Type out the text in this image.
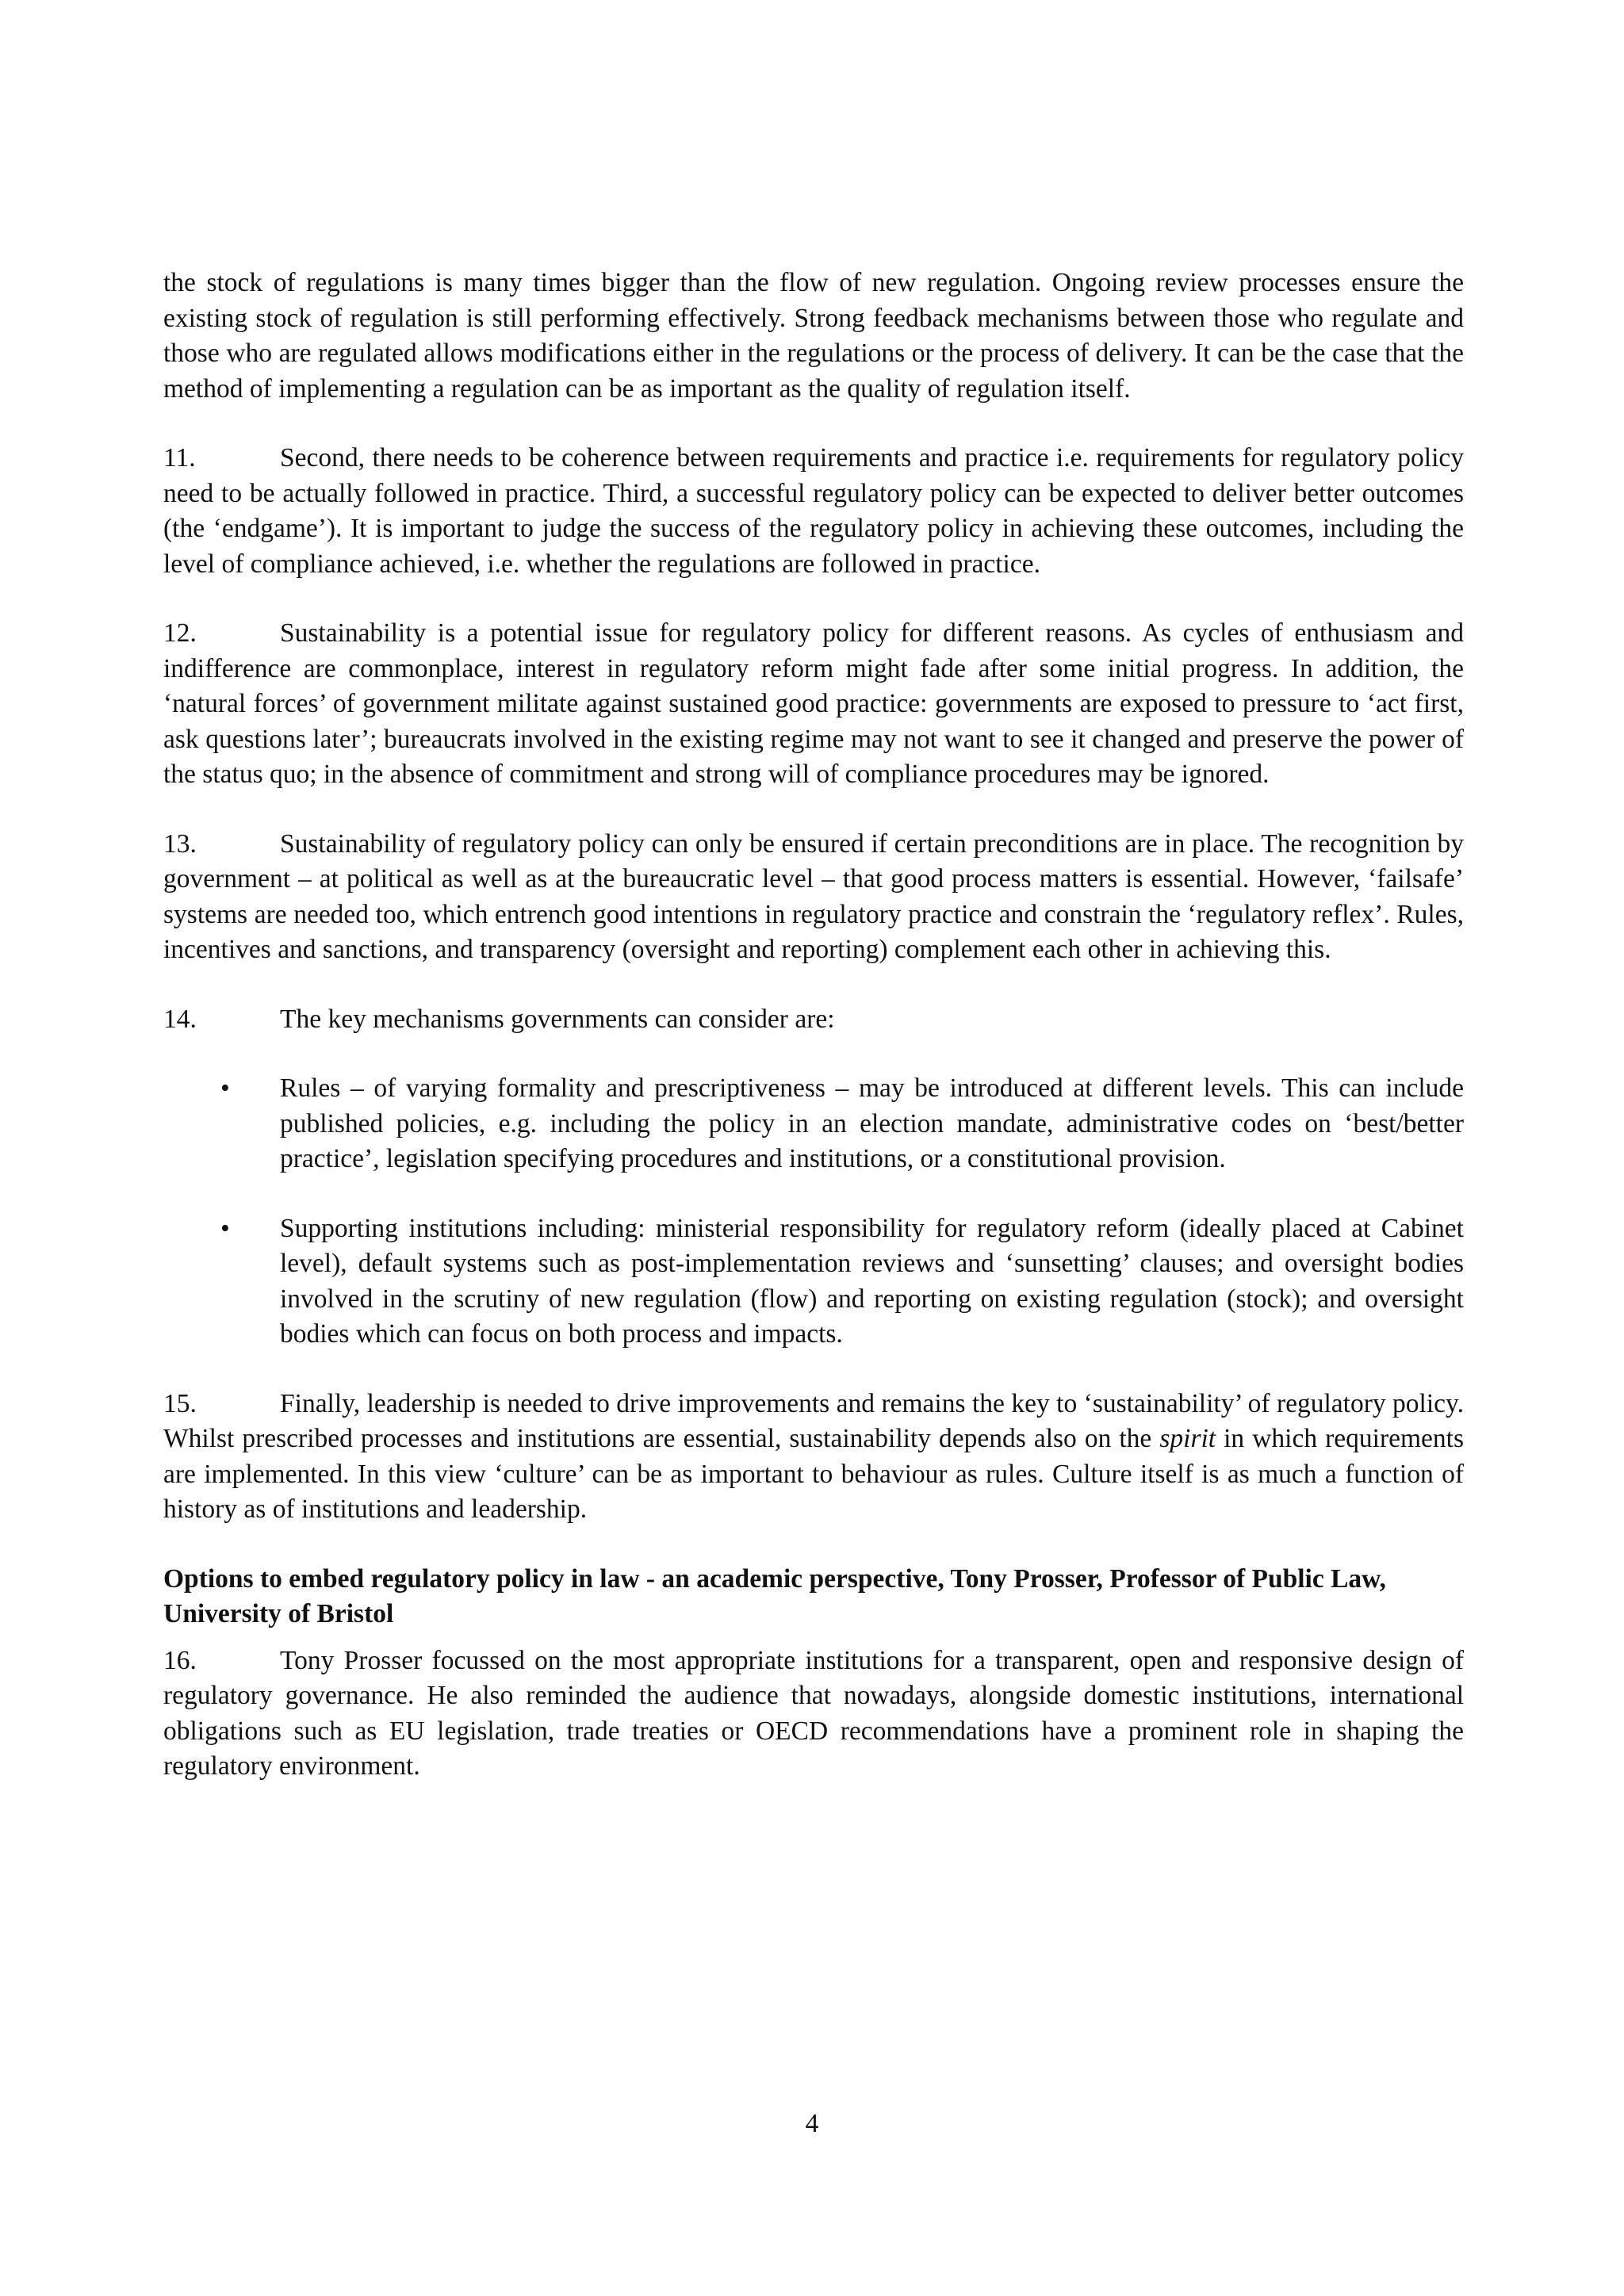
the stock of regulations is many times bigger than the flow of new regulation. Ongoing review processes ensure the existing stock of regulation is still performing effectively. Strong feedback mechanisms between those who regulate and those who are regulated allows modifications either in the regulations or the process of delivery. It can be the case that the method of implementing a regulation can be as important as the quality of regulation itself.

11.	Second, there needs to be coherence between requirements and practice i.e. requirements for regulatory policy need to be actually followed in practice. Third, a successful regulatory policy can be expected to deliver better outcomes (the ‘endgame’). It is important to judge the success of the regulatory policy in achieving these outcomes, including the level of compliance achieved, i.e. whether the regulations are followed in practice.

12.	Sustainability is a potential issue for regulatory policy for different reasons. As cycles of enthusiasm and indifference are commonplace, interest in regulatory reform might fade after some initial progress. In addition, the ‘natural forces’ of government militate against sustained good practice: governments are exposed to pressure to ‘act first, ask questions later’; bureaucrats involved in the existing regime may not want to see it changed and preserve the power of the status quo; in the absence of commitment and strong will of compliance procedures may be ignored.

13.	Sustainability of regulatory policy can only be ensured if certain preconditions are in place. The recognition by government – at political as well as at the bureaucratic level – that good process matters is essential. However, ‘failsafe’ systems are needed too, which entrench good intentions in regulatory practice and constrain the ‘regulatory reflex’. Rules, incentives and sanctions, and transparency (oversight and reporting) complement each other in achieving this.

14.	The key mechanisms governments can consider are:

• Rules – of varying formality and prescriptiveness – may be introduced at different levels. This can include published policies, e.g. including the policy in an election mandate, administrative codes on ‘best/better practice’, legislation specifying procedures and institutions, or a constitutional provision.
• Supporting institutions including: ministerial responsibility for regulatory reform (ideally placed at Cabinet level), default systems such as post-implementation reviews and ‘sunsetting’ clauses; and oversight bodies involved in the scrutiny of new regulation (flow) and reporting on existing regulation (stock); and oversight bodies which can focus on both process and impacts.

15.	Finally, leadership is needed to drive improvements and remains the key to ‘sustainability’ of regulatory policy. Whilst prescribed processes and institutions are essential, sustainability depends also on the spirit in which requirements are implemented. In this view ‘culture’ can be as important to behaviour as rules. Culture itself is as much a function of history as of institutions and leadership.

Options to embed regulatory policy in law - an academic perspective, Tony Prosser, Professor of Public Law, University of Bristol

16.	Tony Prosser focussed on the most appropriate institutions for a transparent, open and responsive design of regulatory governance. He also reminded the audience that nowadays, alongside domestic institutions, international obligations such as EU legislation, trade treaties or OECD recommendations have a prominent role in shaping the regulatory environment.

4
